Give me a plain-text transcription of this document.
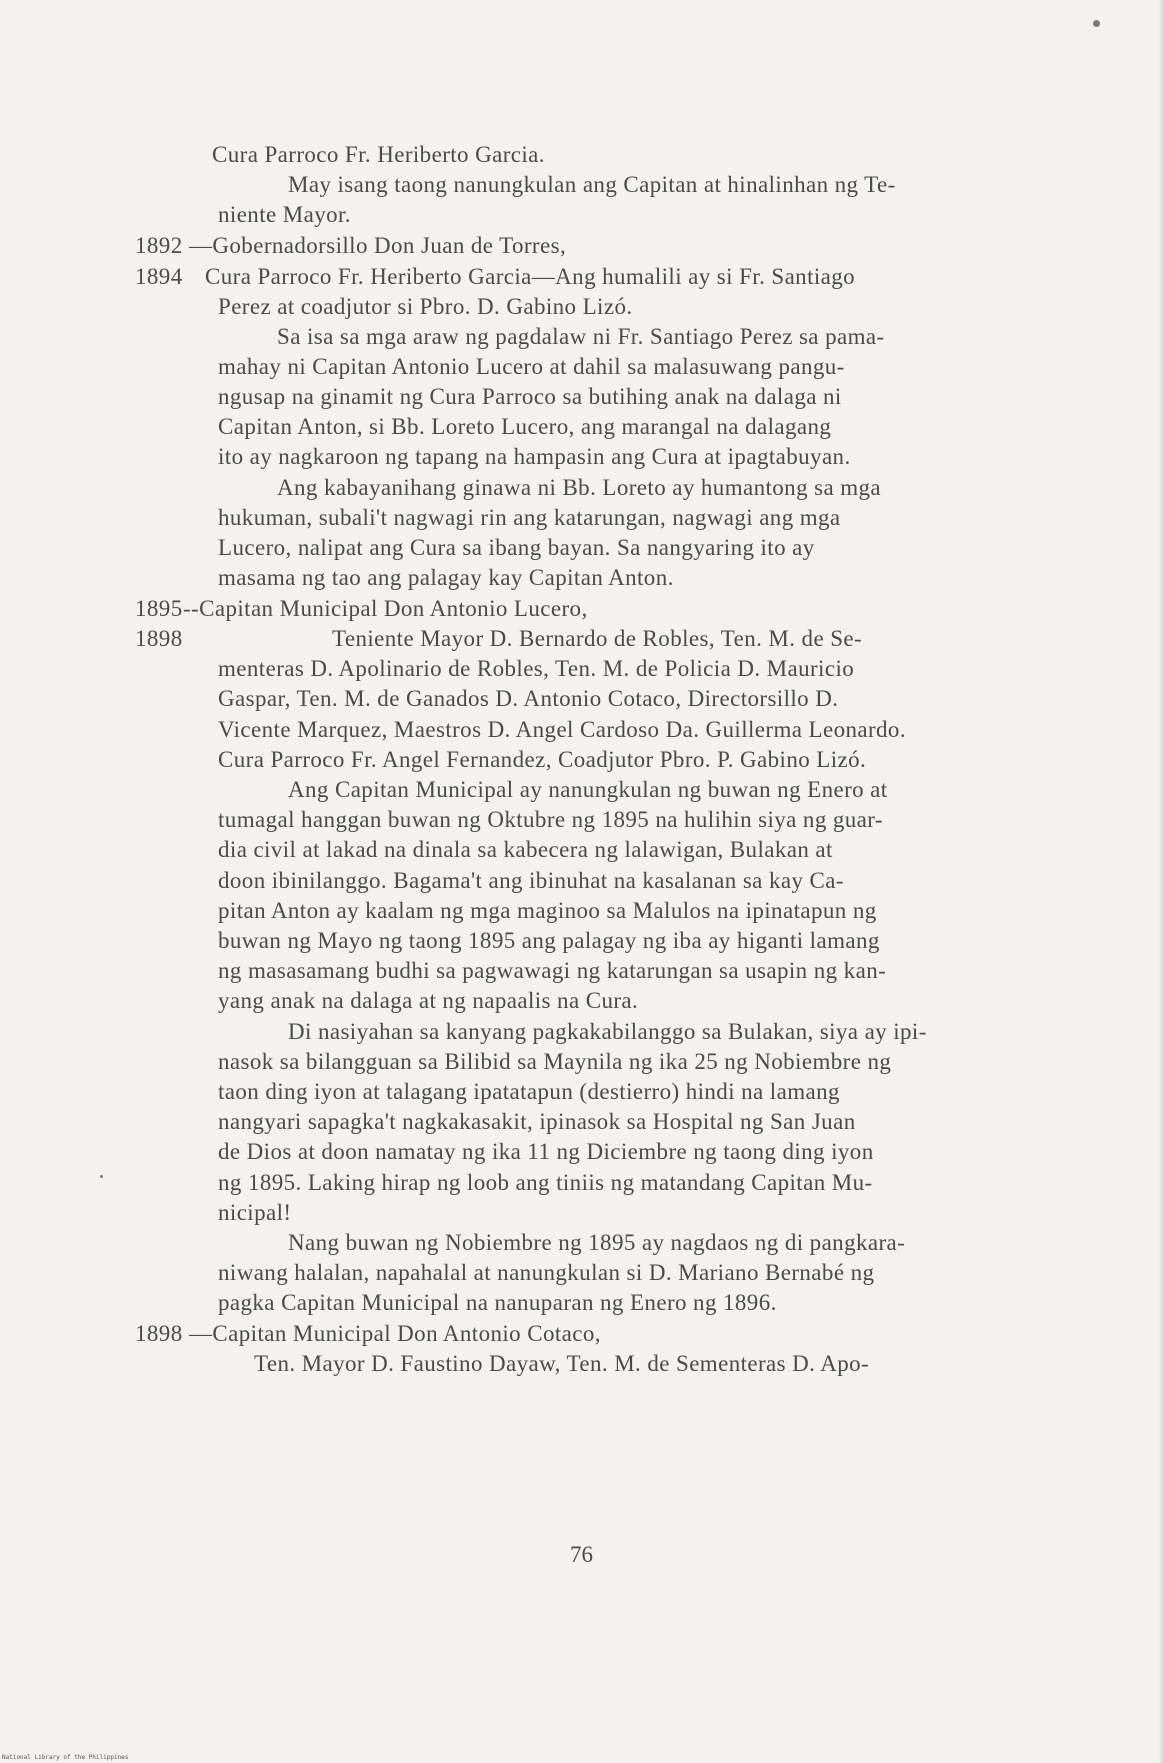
Cura Parroco Fr. Heriberto Garcia.
May isang taong nanungkulan ang Capitan at hinalinhan ng Te-
niente Mayor.
1892 —Gobernadorsillo Don Juan de Torres,
1894 Cura Parroco Fr. Heriberto Garcia—Ang humalili ay si Fr. Santiago
Perez at coadjutor si Pbro. D. Gabino Lizó.
Sa isa sa mga araw ng pagdalaw ni Fr. Santiago Perez sa pama-
mahay ni Capitan Antonio Lucero at dahil sa malasuwang pangu-
ngusap na ginamit ng Cura Parroco sa butihing anak na dalaga ni
Capitan Anton, si Bb. Loreto Lucero, ang marangal na dalagang
ito ay nagkaroon ng tapang na hampasin ang Cura at ipagtabuyan.
Ang kabayanihang ginawa ni Bb. Loreto ay humantong sa mga
hukuman, subali't nagwagi rin ang katarungan, nagwagi ang mga
Lucero, nalipat ang Cura sa ibang bayan. Sa nangyaring ito ay
masama ng tao ang palagay kay Capitan Anton.
1895 --Capitan Municipal Don Antonio Lucero,
1898	Teniente Mayor D. Bernardo de Robles, Ten. M. de Se-
menteras D. Apolinario de Robles, Ten. M. de Policia D. Mauricio
Gaspar, Ten. M. de Ganados D. Antonio Cotaco, Directorsillo D.
Vicente Marquez, Maestros D. Angel Cardoso Da. Guillerma Leonardo.
Cura Parroco Fr. Angel Fernandez, Coadjutor Pbro. P. Gabino Lizó.
Ang Capitan Municipal ay nanungkulan ng buwan ng Enero at
tumagal hanggan buwan ng Oktubre ng 1895 na hulihin siya ng guar-
dia civil at lakad na dinala sa kabecera ng lalawigan, Bulakan at
doon ibinilanggo. Bagama't ang ibinuhat na kasalanan sa kay Ca-
pitan Anton ay kaalam ng mga maginoo sa Malulos na ipinatapun ng
buwan ng Mayo ng taong 1895 ang palagay ng iba ay higanti lamang
ng masasamang budhi sa pagwawagi ng katarungan sa usapin ng kan-
yang anak na dalaga at ng napaalis na Cura.
Di nasiyahan sa kanyang pagkakabilanggo sa Bulakan, siya ay ipi-
nasok sa bilangguan sa Bilibid sa Maynila ng ika 25 ng Nobiembre ng
taon ding iyon at talagang ipatatapun (destierro) hindi na lamang
nangyari sapagka't nagkakasakit, ipinasok sa Hospital ng San Juan
de Dios at doon namatay ng ika 11 ng Diciembre ng taong ding iyon
ng 1895. Laking hirap ng loob ang tiniis ng matandang Capitan Mu-
nicipal!
Nang buwan ng Nobiembre ng 1895 ay nagdaos ng di pangkara-
niwang halalan, napahalal at nanungkulan si D. Mariano Bernabé ng
pagka Capitan Municipal na nanuparan ng Enero ng 1896.
1898 —Capitan Municipal Don Antonio Cotaco,
Ten. Mayor D. Faustino Dayaw, Ten. M. de Sementeras D. Apo-
76
National Library of the Philippines
